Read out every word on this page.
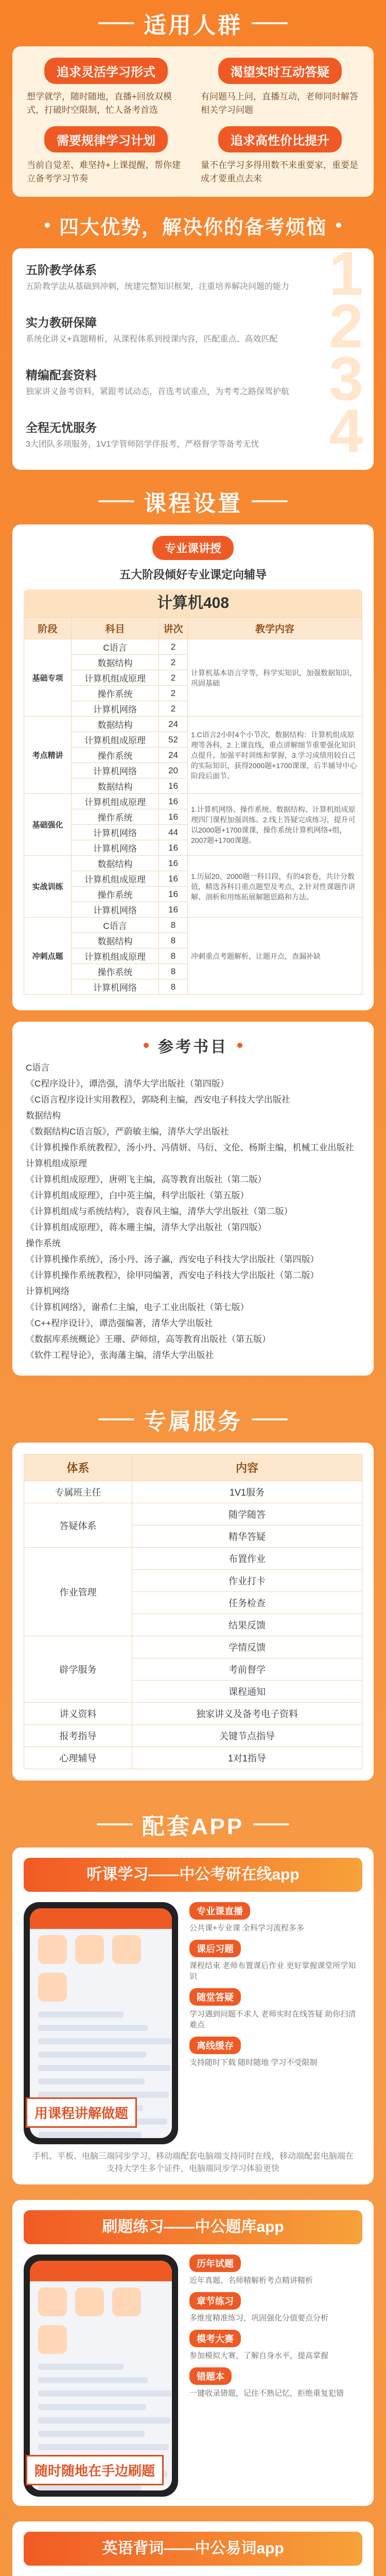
适用人群
追求灵活学习形式

想学就学，随时随地，直播+回放双模式，打破时空限制，忙人备考首选

渴望实时互动答疑

有问题马上问，直播互动，老师同时解答相关学习问题

需要规律学习计划

当前自觉差、难坚持+上课提醒，帮你建立备考学习节奏

追求高性价比提升

量不在学习多得用数不来重要家，重要是成才要重点去来

四大优势，解决你的备考烦恼
1
五阶教学体系

五阶教学法从基础到冲刺，统建完整知识框架，注重培养解决问题的能力

2
实力教研保障

系统化讲义+真题精析，从课程体系到授课内容，匹配重点、高效匹配

3
精编配套资料

独家讲义备考资料，紧跟考试动态，首选考试重点，为考考之路保驾护航

4
全程无忧服务

3大团队多项服务，1V1学管师陪学伴报考，严格督学等备考无忧

课程设置
专业课讲授
五大阶段倾好专业课定向辅导
计算机408
阶段	科目	讲次	教学内容
基础专项	C语言	2	计算机基本语言学等，科学实知识，加强数据知识，巩固基础
	数据结构	2	
	计算机组成原理	2	
	操作系统	2	
	计算机网络	2	
考点精讲	数据结构	24	1.C语言2小时4个小节次，数据结构：计算机组成原理等各科，2.上课直线，重点讲解细节重要强化知识点提升。加强平时训练和掌握，3.学习成绩用较自己的实际知识，获得2000题+1700课课，后半辅导中心阶段后面节。
	计算机组成原理	52	
	操作系统	24	
	计算机网络	20	
	数据结构	16	
基础强化	计算机组成原理	16	1.计算机网络、操作系统、数据结构、计算机组成原理四门课程加强训练。2.线上答疑完成练习，提升可以2000题+1700课课，操作系统计算机网络+组，2007题+1700课题。
	操作系统	16	
	计算机网络	44	
	计算机网络	16	
实战训练	数据结构	16	1.历届20、2000题一科目段，有的4套卷，共计分数值，精选各科目重点题型及考点，2.针对性课题作讲解、剖析和用练拓展解题思路和方法。
	计算机组成原理	16	
	操作系统	16	
	计算机网络	16	
冲刺点题	C语言	8	冲刺重点考题解析，让题开点，查漏补缺
	数据结构	8	
	计算机组成原理	8	
	操作系统	8	
	计算机网络	8	
参考书目

C语言

《C程序设计》，谭浩强，清华大学出版社（第四版）

《C语言程序设计实用教程》，郭晓利主编，西安电子科技大学出版社

数据结构

《数据结构C语言版》，严蔚敏主编，清华大学出版社

《计算机操作系统教程》，汤小丹、冯倩妍、马衍、文伦、杨斯主编，机械工业出版社

计算机组成原理

《计算机组成原理》，唐朔飞主编，高等教育出版社（第二版）

《计算机组成原理》，白中英主编，科学出版社（第五版）

《计算机组成与系统结构》，袁春风主编，清华大学出版社（第二版）

《计算机组成原理》，蒋本珊主编，清华大学出版社（第四版）

操作系统

《计算机操作系统》，汤小丹、汤子瀛，西安电子科技大学出版社（第四版）

《计算机操作系统教程》，徐甲同编著，西安电子科技大学出版社（第二版）

计算机网络

《计算机网络》，谢希仁主编，电子工业出版社（第七版）

《C++程序设计》，谭浩强编著，清华大学出版社

《数据库系统概论》王珊、萨师煊，高等教育出版社（第五版）

《软件工程导论》，张海藩主编，清华大学出版社

专属服务
体系	内容
专属班主任	1V1服务
答疑体系	随学随答
	精华答疑
作业管理	布置作业
	作业打卡
	任务检查
	结果反馈
辟学服务	学情反馈
	考前督学
	课程通知
讲义资料	独家讲义及备考电子资料
报考指导	关键节点指导
心理辅导	1对1指导
配套APP
听课学习——中公考研在线app
专业课直播
公共课+专业课 全科学习流程多多
课后习题
课程结束 老师布置课后作业 更好掌握课堂所学知识
随堂答疑
学习遇到问题不求人 老师实时在线答疑 助你扫清难点
离线缓存
支持随时下载 随时随地 学习不受限制
用课程讲解做题
手机、平板、电脑三端同步学习，移动端配套电脑端支持同时在线，移动端配套电脑端在支持大学生多个证件，电脑端同步学习体验更快
刷题练习——中公题库app
历年试题
近年真题、名师精解析考点精讲精析
章节练习
多维度精准练习，巩固强化分值要点分析
模考大赛
参加模拟大赛，了解自身水平，提高掌握
错题本
一键收录错题，记住不熟记忆，拒绝重复犯错
随时随地在手边刷题
英语背词——中公易词app
